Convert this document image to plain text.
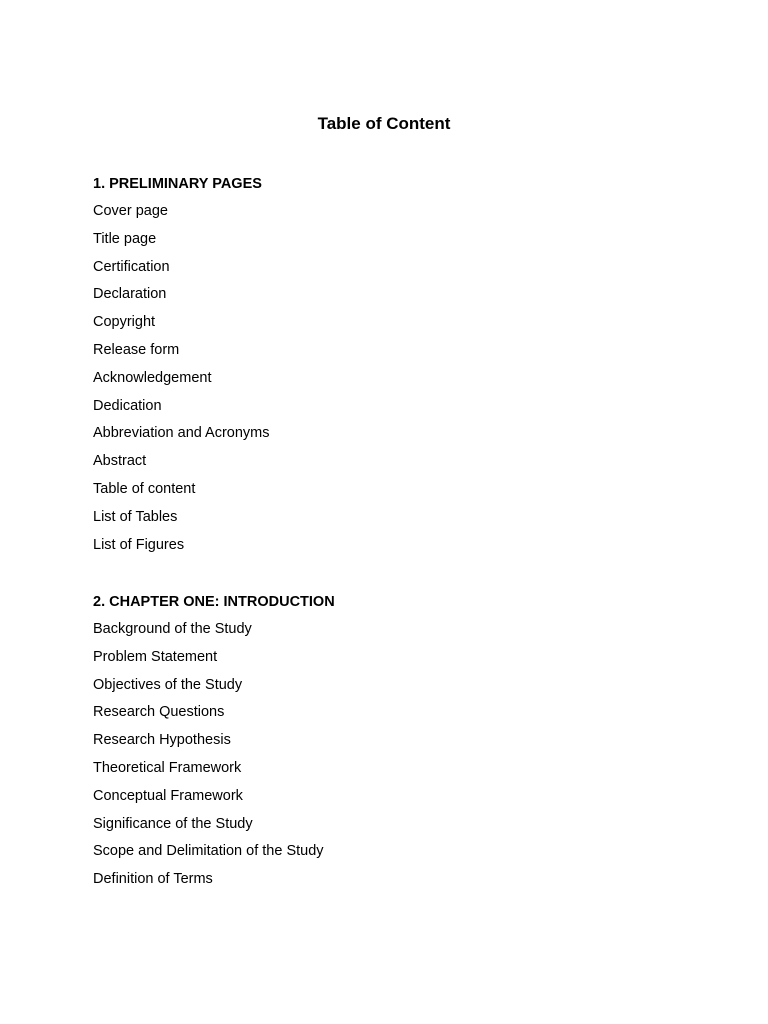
Table of Content
1. PRELIMINARY PAGES
Cover page
Title page
Certification
Declaration
Copyright
Release form
Acknowledgement
Dedication
Abbreviation and Acronyms
Abstract
Table of content
List of Tables
List of Figures
2. CHAPTER ONE: INTRODUCTION
Background of the Study
Problem Statement
Objectives of the Study
Research Questions
Research Hypothesis
Theoretical Framework
Conceptual Framework
Significance of the Study
Scope and Delimitation of the Study
Definition of Terms
